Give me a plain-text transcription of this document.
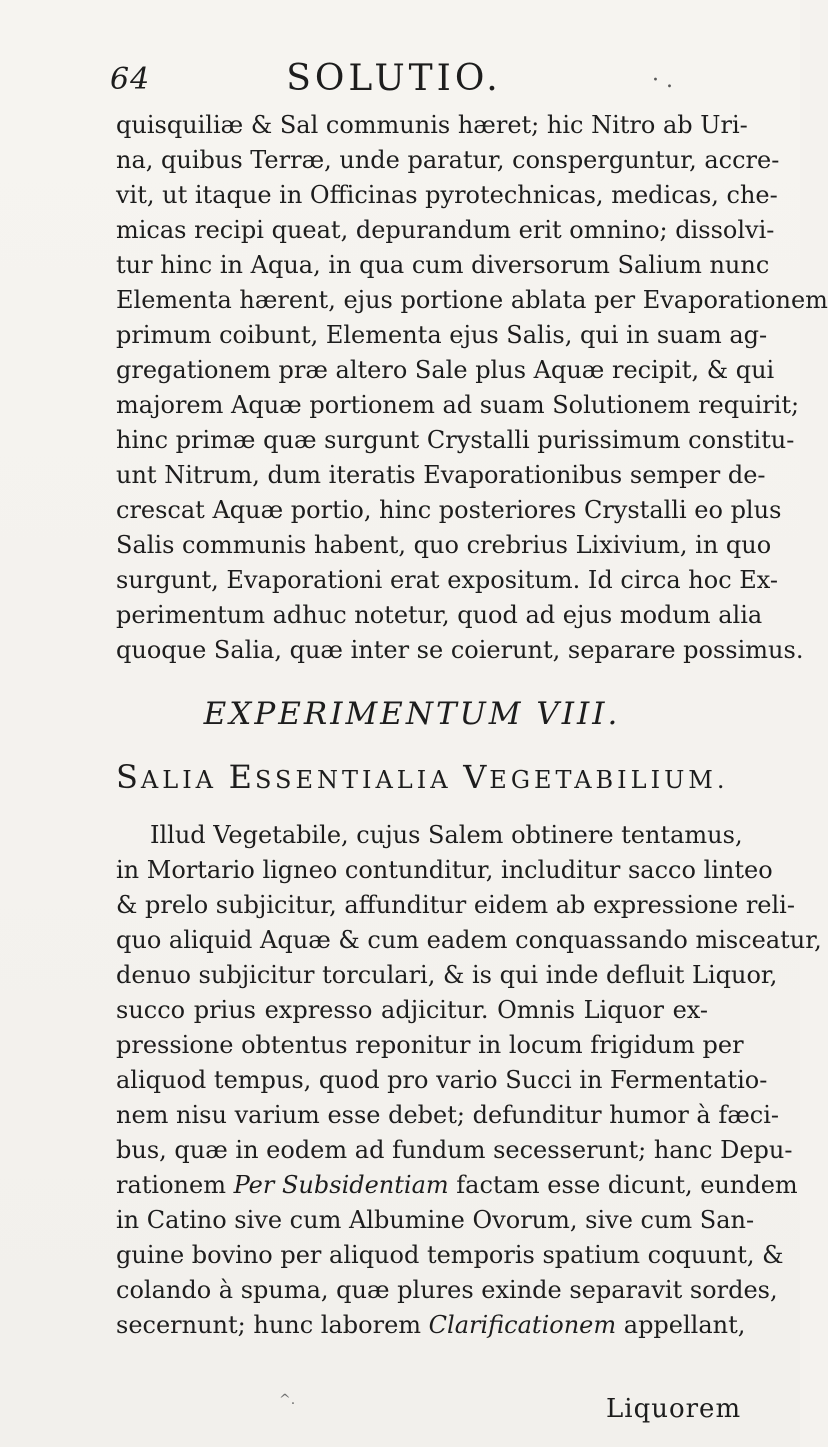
64	SOLUTIO.	· .
quisquiliæ & Sal communis hæret; hic Nitro ab Uri-
na, quibus Terræ, unde paratur, consperguntur, accre-
vit, ut itaque in Officinas pyrotechnicas, medicas, che-
micas recipi queat, depurandum erit omnino; dissolvi-
tur hinc in Aqua, in qua cum diversorum Salium nunc
Elementa hærent, ejus portione ablata per Evaporationem
primum coibunt, Elementa ejus Salis, qui in suam ag-
gregationem præ altero Sale plus Aquæ recipit, & qui
majorem Aquæ portionem ad suam Solutionem requirit;
hinc primæ quæ surgunt Crystalli purissimum constitu-
unt Nitrum, dum iteratis Evaporationibus semper de-
crescat Aquæ portio, hinc posteriores Crystalli eo plus
Salis communis habent, quo crebrius Lixivium, in quo
surgunt, Evaporationi erat expositum. Id circa hoc Ex-
perimentum adhuc notetur, quod ad ejus modum alia
quoque Salia, quæ inter se coierunt, separare possimus.
EXPERIMENTUM VIII.
SALIA ESSENTIALIA VEGETABILIUM.
Illud Vegetabile, cujus Salem obtinere tentamus,
in Mortario ligneo contunditur, includitur sacco linteo
& prelo subjicitur, affunditur eidem ab expressione reli-
quo aliquid Aquæ & cum eadem conquassando misceatur,
denuo subjicitur torculari, & is qui inde defluit Liquor,
succo prius expresso adjicitur. Omnis Liquor ex-
pressione obtentus reponitur in locum frigidum per
aliquod tempus, quod pro vario Succi in Fermentatio-
nem nisu varium esse debet; defunditur humor à fæci-
bus, quæ in eodem ad fundum secesserunt; hanc Depu-
rationem Per Subsidentiam factam esse dicunt, eundem
in Catino sive cum Albumine Ovorum, sive cum San-
guine bovino per aliquod temporis spatium coquunt, &
colando à spuma, quæ plures exinde separavit sordes,
secernunt; hunc laborem Clarificationem appellant,
^.	Liquorem
